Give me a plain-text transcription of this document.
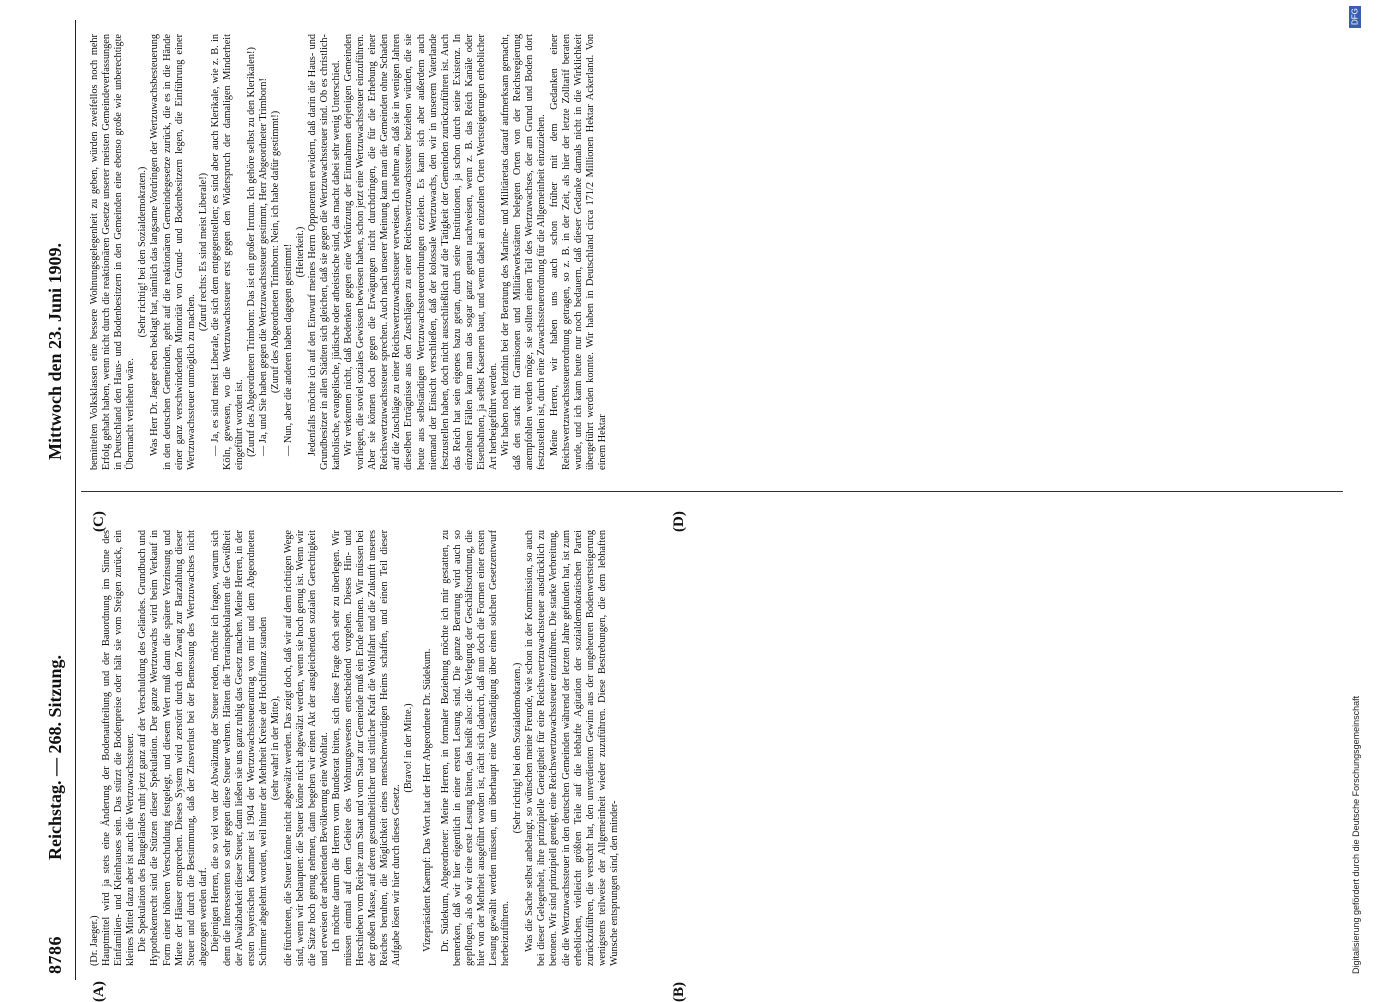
8786
Reichstag. — 268. Sitzung.
Mittwoch den 23. Juni 1909.
(A)	(B)
(C)	(D)

(Dr. Jaeger.) Hauptmittel wird ja stets eine Änderung der Bodenaufteilung und der Bauordnung im Sinne des Einfamilien- und Kleinhauses sein. Das stürzt die Bodenpreise oder hält sie vom Steigen zurück, ein kleines Mittel dazu aber ist auch die Wertzuwachssteuer. Die Spekulation des Baugeländes ruht jetzt ganz auf der Verschuldung des Geländes. Grundbuch und Hypothekenrecht sind die Stützen dieser Spekulation. Der ganze Wertzuwachs wird beim Verkauf in Form einer höheren Verschuldung festgelegt, und diesem Wert muß dann die spätere Verzinsung und Miete der Häuser entsprechen. Dieses System wird zerstört durch den Zwang zur Barzahlung dieser Steuer und durch die Bestimmung, daß der Zinsverlust bei der Bemessung des Wertzuwachses nicht abgezogen werden darf. Diejenigen Herren, die so viel von der Abwälzung der Steuer reden, möchte ich fragen, warum sich denn die Interessenten so sehr gegen diese Steuer wehren. Hätten die Terrainspekulanten die Gewißheit der Abwälzbarkeit dieser Steuer, dann ließen sie uns ganz ruhig das Gesetz machen. Meine Herren, in der ersten bayerischen Kammer ist 1904 der Wertzuwachssteuerantrag von mir und dem Abgeordneten Schirmer abgelehnt worden, weil hinter der Mehrheit Kreise der Hochfinanz standen (sehr wahr! in der Mitte), die fürchteten, die Steuer könne nicht abgewälzt werden. Das zeigt doch, daß wir auf dem richtigen Wege sind, wenn wir behaupten: die Steuer könne nicht abgewälzt werden, wenn sie hoch genug ist. Wenn wir die Sätze hoch genug nehmen, dann begehen wir einen Akt der ausgleichenden sozialen Gerechtigkeit und erweisen der arbeitenden Bevölkerung eine Wohltat. Ich möchte darum die Herren vom Bundesrat bitten, sich diese Frage doch sehr zu überlegen. Wir müssen einmal auf dem Gebiete des Wohnungswesens entscheidend vorgehen. Dieses Hin- und Herschieben vom Reiche zum Staat und vom Staat zur Gemeinde muß ein Ende nehmen. Wir müssen bei der großen Masse, auf deren gesundheitlicher und sittlicher Kraft die Wohlfahrt und die Zukunft unseres Reiches beruhen, die Möglichkeit eines menschenwürdigen Heims schaffen, und einen Teil dieser Aufgabe lösen wir hier durch dieses Gesetz.

(Bravo! in der Mitte.) Vizepräsident Kaempf: Das Wort hat der Herr Abgeordnete Dr. Südekum. Dr. Südekum, Abgeordneter: Meine Herren, in formaler Beziehung möchte ich mir gestatten, zu bemerken, daß wir hier eigentlich in einer ersten Lesung sind. Die ganze Beratung wird auch so gepflogen, als ob wir eine erste Lesung hätten, das heißt also: die Verlegung der Geschäftsordnung, die hier von der Mehrheit ausgeführt worden ist, rächt sich dadurch, daß nun doch die Formen einer ersten Lesung gewählt werden müssen, um überhaupt eine Verständigung über einen solchen Gesetzentwurf herbeizuführen.

(Sehr richtig! bei den Sozialdemokraten.) Was die Sache selbst anbelangt, so wünschen meine Freunde, wie schon in der Kommission, so auch bei dieser Gelegenheit, ihre prinzipielle Geneigtheit für eine Reichswertzuwachssteuer ausdrücklich zu betonen. Wir sind prinzipiell geneigt, eine Reichswertzuwachssteuer einzuführen. Die starke Verbreitung, die die Wertzuwachssteuer in den deutschen Gemeinden während der letzten Jahre gefunden hat, ist zum erheblichen, vielleicht größten Teile auf die lebhafte Agitation der sozialdemokratischen Partei zurückzuführen, die versucht hat, den unverdienten Gewinn aus der ungeheuren Bodenwertsteigerung wenigstens teilweise der Allgemeinheit wieder zuzuführen. Diese Bestrebungen, die dem lebhaften Wunsche entsprungen sind, den minder-

bemittelten Volksklassen eine bessere Wohnungsgelegenheit zu geben, würden zweifellos noch mehr Erfolg gehabt haben, wenn nicht durch die reaktionären Gesetze unserer meisten Gemeindeverfassungen in Deutschland den Haus- und Bodenbesitzern in den Gemeinden eine ebenso große wie unberechtigte Übermacht verliehen wäre.

(Sehr richtig! bei den Sozialdemokraten.) Was Herr Dr. Jaeger eben beklagt hat, nämlich das langsame Vordringen der Wertzuwachsbesteuerung in den deutschen Gemeinden, geht auf die reaktionären Gemeindegesetze zurück, die es in die Hände einer ganz verschwindenden Minorität von Grund- und Bodenbesitzern legen, die Einführung einer Wertzuwachssteuer unmöglich zu machen.

(Zuruf rechts: Es sind meist Liberale!) — Ja, es sind meist Liberale, die sich dem entgegenstellen; es sind aber auch Klerikale, wie z. B. in Köln, gewesen, wo die Wertzuwachssteuer erst gegen den Widerspruch der damaligen Minderheit eingeführt worden ist. (Zuruf des Abgeordneten Trimborn: Das ist ein großer Irrtum. Ich gehöre selbst zu den Klerikalen!) — Ja, und Sie haben gegen die Wertzuwachssteuer gestimmt, Herr Abgeordneter Trimborn! (Zuruf des Abgeordneten Trimborn: Nein, ich habe dafür gestimmt!) — Nun, aber die anderen haben dagegen gestimmt! (Heiterkeit.) Jedenfalls möchte ich auf den Einwurf meines Herrn Opponenten erwidern, daß darin die Haus- und Grundbesitzer in allen Städten sich gleichen, daß sie gegen die Wertzuwachssteuer sind. Ob es christlich-katholische, evangelische, jüdische oder atheistische sind, das macht dabei sehr wenig Unterschied. Wir verkennen nicht, daß Bedenken gegen eine Verkürzung der Einnahmen derjenigen Gemeinden vorliegen, die soviel soziales Gewissen bewiesen haben, schon jetzt eine Wertzuwachssteuer einzuführen. Aber sie können doch gegen die Erwägungen nicht durchdringen, die für die Erhebung einer Reichswertzuwachssteuer sprechen. Auch nach unserer Meinung kann man die Gemeinden ohne Schaden auf die Zuschläge zu einer Reichswertzuwachssteuer verweisen. Ich nehme an, daß sie in wenigen Jahren dieselben Erträgnisse aus den Zuschlägen zu einer Reichswertzuwachssteuer beziehen würden, die sie heute aus selbständigen Wertzuwachssteuerordnungen erzielen. Es kann sich aber außerdem auch niemand der Einsicht verschließen, daß der kolossale Wertzuwachs, den wir in unserem Vaterlande festzustellen haben, doch nicht ausschließlich auf die Tätigkeit der Gemeinden zurückzuführen ist. Auch das Reich hat sein eigenes bazu getan, durch seine Institutionen, ja schon durch seine Existenz. In einzelnen Fällen kann man das sogar ganz genau nachweisen, wenn z. B. das Reich Kanäle oder Eisenbahnen, ja selbst Kasernen baut, und wenn dabei an einzelnen Orten Wertsteigerungen erheblicher Art herbeigeführt werden. Wir haben noch letzthin bei der Beratung des Marine- und Militäretats darauf aufmerksam gemacht, daß den stark mit Garnisonen und Militärwerkstätten belegten Orten von der Reichsregierung anempfohlen werden möge, sie sollten einen Teil des Wertzuwachses, der am Grund und Boden dort festzustellen ist, durch eine Zuwachssteuerordnung für die Allgemeinheit einzuziehen. Meine Herren, wir haben uns auch schon früher mit dem Gedanken einer Reichswertzuwachssteuerordnung getragen, so z. B. in der Zeit, als hier der letzte Zolltarif beraten wurde, und ich kann heute nur noch bedauern, daß dieser Gedanke damals nicht in die Wirklichkeit übergeführt werden konnte. Wir haben in Deutschland circa 171/2 Millionen Hektar Ackerland. Von einem Hektar

DFG
Digitalisierung gefördert durch die Deutsche Forschungsgemeinschaft
